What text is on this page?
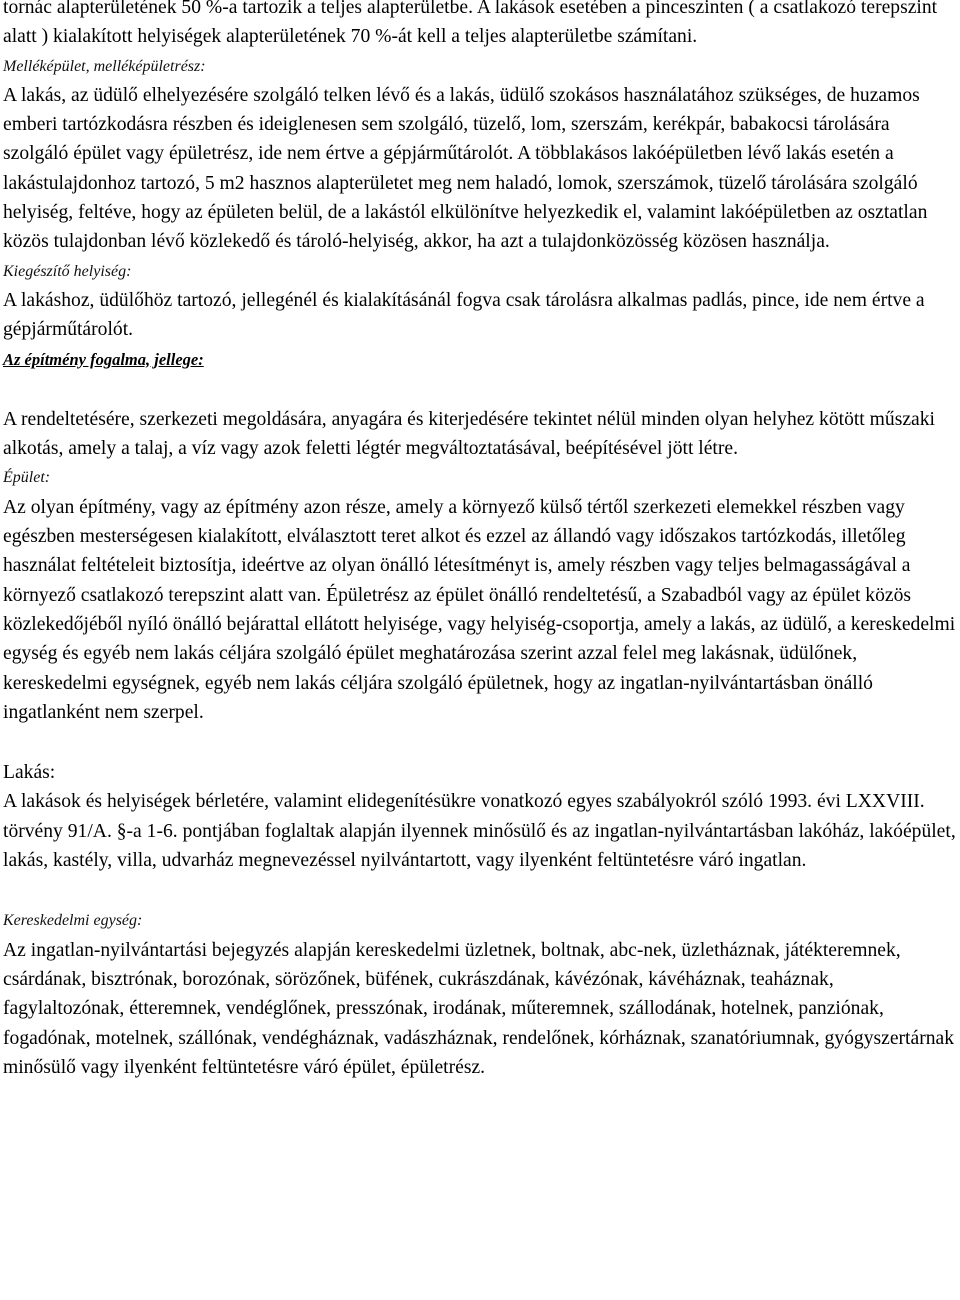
tornác alapterületének 50 %-a tartozik a teljes alapterületbe. A lakások esetében a pinceszinten ( a csatlakozó terepszint alatt ) kialakított helyiségek alapterületének 70 %-át kell a teljes alapterületbe számítani.

Melléképület, melléképületrész:

A lakás, az üdülő elhelyezésére szolgáló telken lévő és a lakás, üdülő szokásos használatához szükséges, de huzamos emberi tartózkodásra részben és ideiglenesen sem szolgáló, tüzelő, lom, szerszám, kerékpár, babakocsi tárolására szolgáló épület vagy épületrész, ide nem értve a gépjárműtárolót. A többlakásos lakóépületben lévő lakás esetén a lakástulajdonhoz tartozó, 5 m2 hasznos alapterületet meg nem haladó, lomok, szerszámok, tüzelő tárolására szolgáló helyiség, feltéve, hogy az épületen belül, de a lakástól elkülönítve helyezkedik el, valamint lakóépületben az osztatlan közös tulajdonban lévő közlekedő és tároló-helyiség, akkor, ha azt a tulajdonközösség közösen használja.

Kiegészítő helyiség:

A lakáshoz, üdülőhöz tartozó, jellegénél és kialakításánál fogva csak tárolásra alkalmas padlás, pince, ide nem értve a gépjárműtárolót.

Az építmény fogalma, jellege:

A rendeltetésére, szerkezeti megoldására, anyagára és kiterjedésére tekintet nélül minden olyan helyhez kötött műszaki alkotás, amely a talaj, a víz vagy azok feletti légtér megváltoztatásával, beépítésével jött létre.

Épület:

Az olyan építmény, vagy az építmény azon része, amely a környező külső tértől szerkezeti elemekkel részben vagy egészben mesterségesen kialakított, elválasztott teret alkot és ezzel az állandó vagy időszakos tartózkodás, illetőleg használat feltételeit biztosítja, ideértve az olyan önálló létesítményt is, amely részben vagy teljes belmagasságával a környező csatlakozó terepszint alatt van. Épületrész az épület önálló rendeltetésű, a Szabadból vagy az épület közös közlekedőjéből nyíló önálló bejárattal ellátott helyisége, vagy helyiség-csoportja, amely a lakás, az üdülő, a kereskedelmi egység és egyéb nem lakás céljára szolgáló épület meghatározása szerint azzal felel meg lakásnak, üdülőnek, kereskedelmi egységnek, egyéb nem lakás céljára szolgáló épületnek, hogy az ingatlan-nyilvántartásban önálló ingatlanként nem szerpel.

Lakás:

A lakások és helyiségek bérletére, valamint elidegenítésükre vonatkozó egyes szabályokról szóló 1993. évi LXXVIII. törvény 91/A. §-a 1-6. pontjában foglaltak alapján ilyennek minősülő és az ingatlan-nyilvántartásban lakóház, lakóépület, lakás, kastély, villa, udvarház megnevezéssel nyilvántartott, vagy ilyenként feltüntetésre váró ingatlan.

Kereskedelmi egység:

Az ingatlan-nyilvántartási bejegyzés alapján kereskedelmi üzletnek, boltnak, abc-nek, üzletháznak, játékteremnek, csárdának, bisztrónak, borozónak, sörözőnek, büfének, cukrászdának, kávézónak, kávéháznak, teaháznak, fagylaltozónak, étteremnek, vendéglőnek, presszónak, irodának, műteremnek, szállodának, hotelnek, panziónak, fogadónak, motelnek, szállónak, vendégháznak, vadászháznak, rendelőnek, kórháznak, szanatóriumnak, gyógyszertárnak minősülő vagy ilyenként feltüntetésre váró épület, épületrész.
